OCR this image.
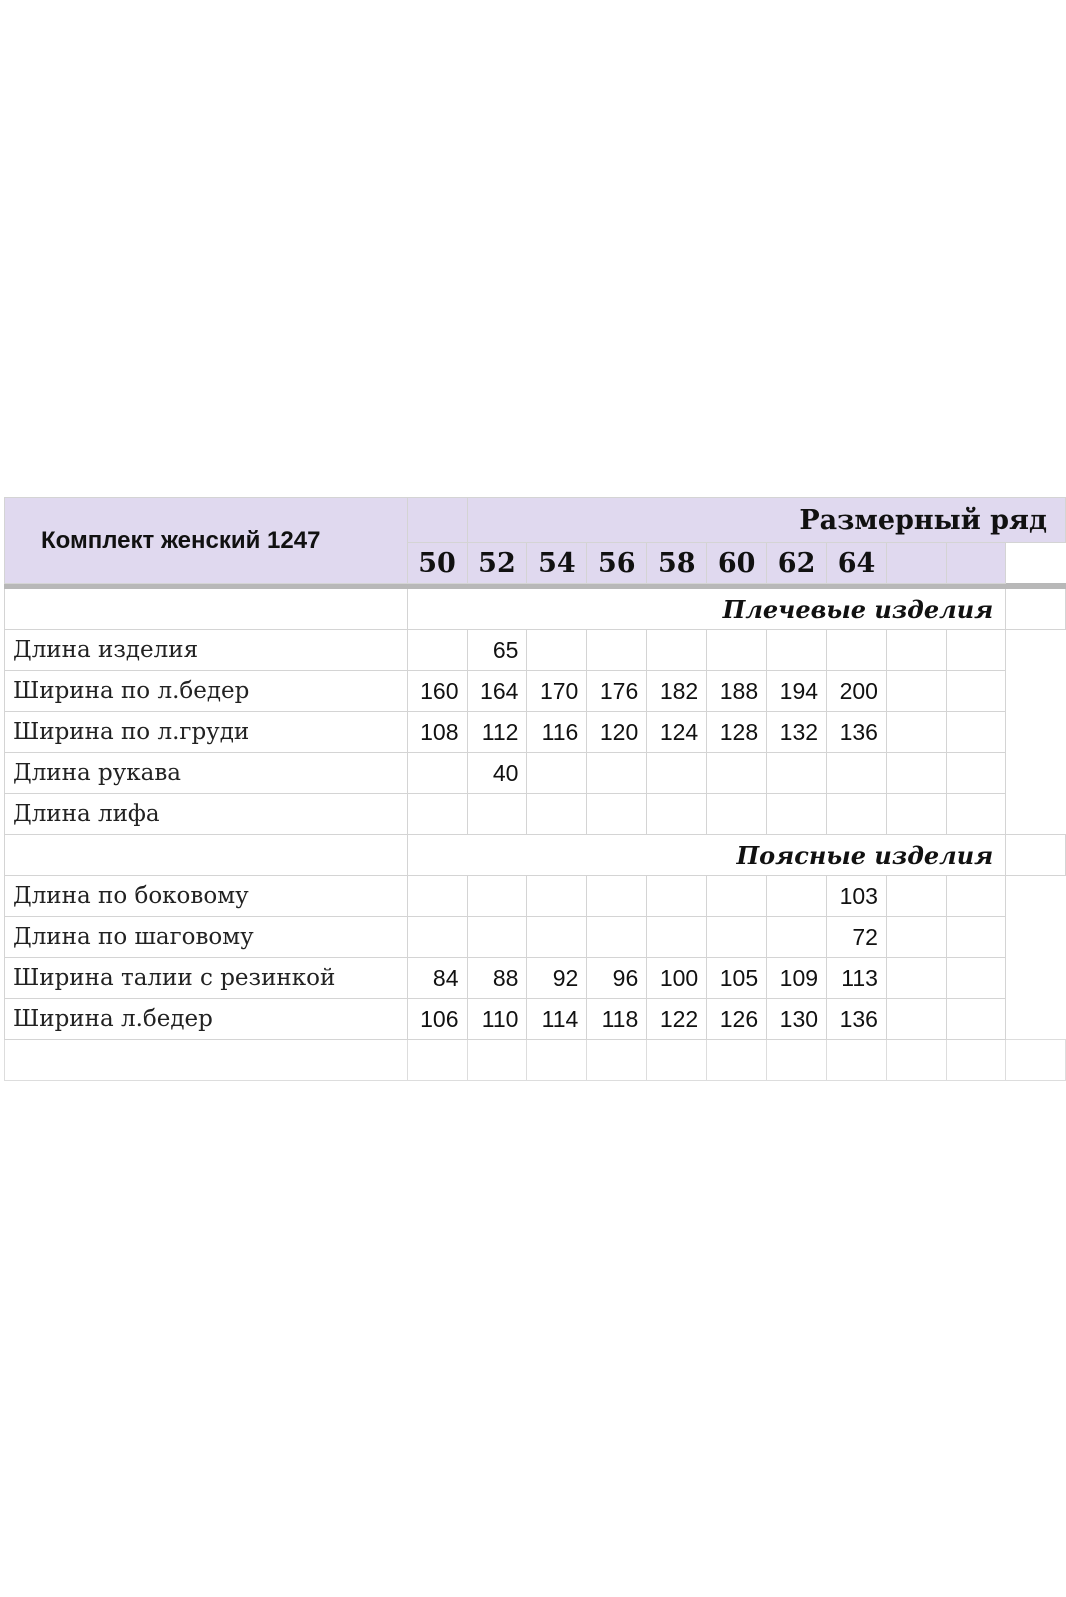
Комплект женский 1247		Размерный ряд									
	50	52	54	56	58	60	62	64			

	Плечевые изделия										
Длина изделия		65									
Ширина по л.бедер	160	164	170	176	182	188	194	200			
Ширина по л.груди	108	112	116	120	124	128	132	136			
Длина рукава		40									
Длина лифа											
	Поясные изделия										
Длина по боковому								103			
Длина по шаговому								72			
Ширина талии с резинкой	84	88	92	96	100	105	109	113			
Ширина л.бедер	106	110	114	118	122	126	130	136			
